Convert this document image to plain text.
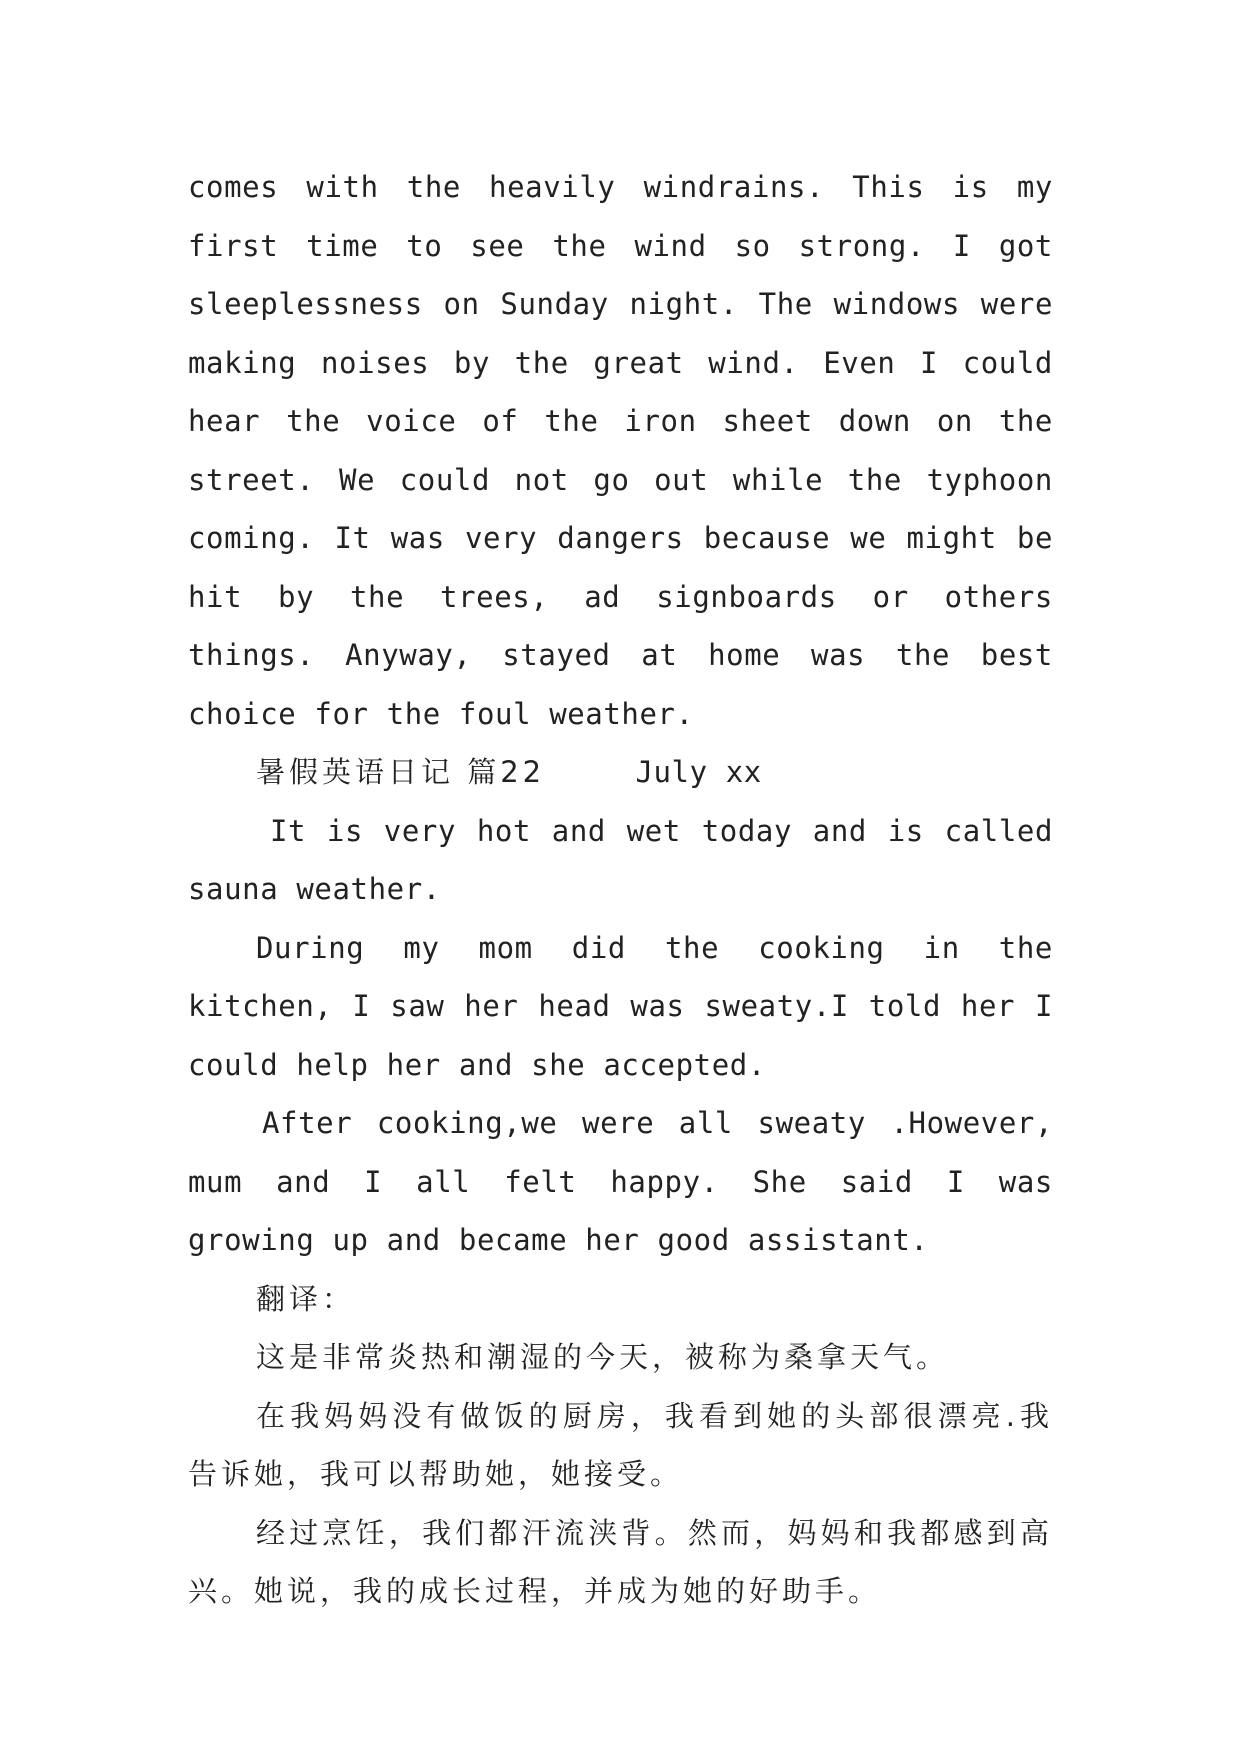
comes with the heavily windrains. This is my first time to see the wind so strong. I got sleeplessness on Sunday night. The windows were making noises by the great wind. Even I could hear the voice of the iron sheet down on the street. We could not go out while the typhoon coming. It was very dangers because we might be hit by the trees, ad signboards or others things. Anyway, stayed at home was the best choice for the foul weather.

暑假英语日记 篇22	July xx

It is very hot and wet today and is called sauna weather.

During my mom did the cooking in the kitchen, I saw her head was sweaty.I told her I could help her and she accepted.

After cooking,we were all sweaty .However, mum and I all felt happy. She said I was growing up and became her good assistant.

翻译：

这是非常炎热和潮湿的今天，被称为桑拿天气。

在我妈妈没有做饭的厨房，我看到她的头部很漂亮.我告诉她，我可以帮助她，她接受。

经过烹饪，我们都汗流浃背。然而，妈妈和我都感到高兴。她说，我的成长过程，并成为她的好助手。
